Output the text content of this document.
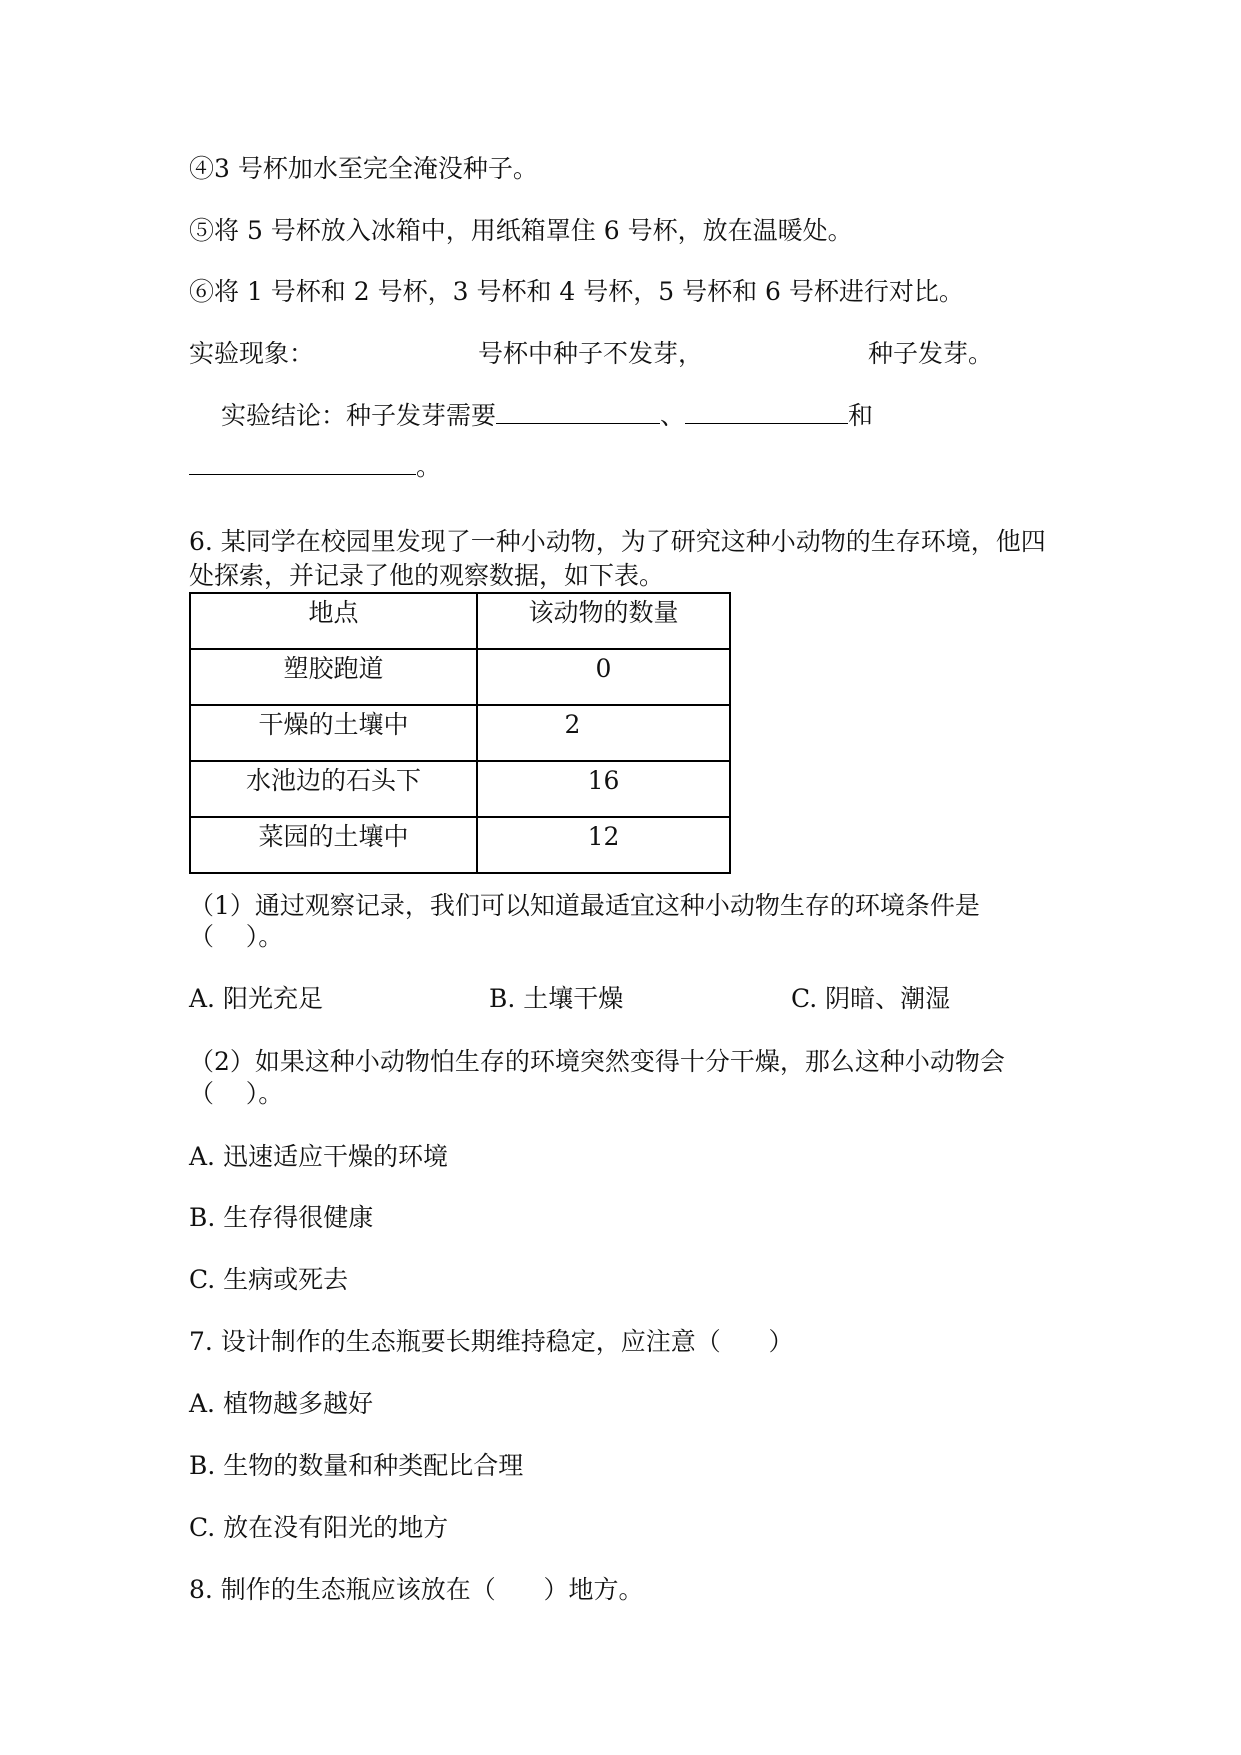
④3 号杯加水至完全淹没种子。
⑤将 5 号杯放入冰箱中，用纸箱罩住 6 号杯，放在温暖处。
⑥将 1 号杯和 2 号杯，3 号杯和 4 号杯，5 号杯和 6 号杯进行对比。
实验现象：	号杯中种子不发芽，	种子发芽。
实验结论：种子发芽需要	、	和
。
6. 某同学在校园里发现了一种小动物，为了研究这种小动物的生存环境，他四
处探索，并记录了他的观察数据，如下表。
地点	该动物的数量
塑胶跑道	0
干燥的土壤中	2
水池边的石头下	16
菜园的土壤中	12
（1）通过观察记录，我们可以知道最适宜这种小动物生存的环境条件是
（    ）。
A. 阳光充足	B. 土壤干燥	C. 阴暗、潮湿
（2）如果这种小动物怕生存的环境突然变得十分干燥，那么这种小动物会
（    ）。
A. 迅速适应干燥的环境
B. 生存得很健康
C. 生病或死去
7. 设计制作的生态瓶要长期维持稳定，应注意（      ）
A. 植物越多越好
B. 生物的数量和种类配比合理
C. 放在没有阳光的地方
8. 制作的生态瓶应该放在（      ）地方。
